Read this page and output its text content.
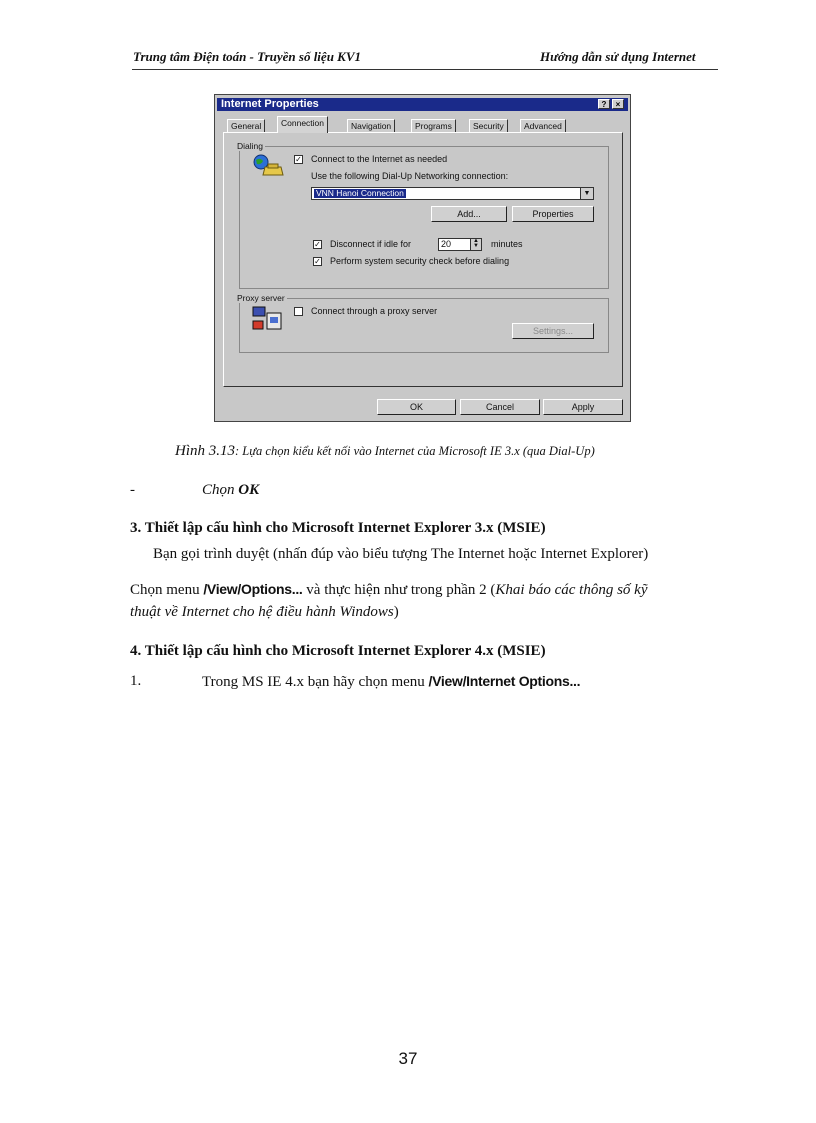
Trung tâm Điện toán - Truyền số liệu KV1	Hướng dẫn sử dụng Internet
Internet Properties	?	×
General	Connection	Navigation	Programs	Security	Advanced
Dialing
✓ Connect to the Internet as needed
Use the following Dial-Up Networking connection:
VNN Hanoi Connection	▼
Add...	Properties
✓ Disconnect if idle for	20	▲
▼	minutes
✓ Perform system security check before dialing
Proxy server
Connect through a proxy server
Settings...
OK	Cancel	Apply
Hình 3.13: Lựa chọn kiểu kết nối vào Internet của Microsoft IE 3.x (qua Dial-Up)
-	Chọn OK
3. Thiết lập cấu hình cho Microsoft Internet Explorer 3.x (MSIE)
Bạn gọi trình duyệt (nhấn đúp vào biểu tượng The Internet hoặc Internet Explorer)
Chọn menu /View/Options... và thực hiện như trong phần 2 (Khai báo các thông số kỹ
thuật về Internet cho hệ điều hành Windows)
4. Thiết lập cấu hình cho Microsoft Internet Explorer 4.x (MSIE)
1.	Trong MS IE 4.x bạn hãy chọn menu /View/Internet Options...
37
